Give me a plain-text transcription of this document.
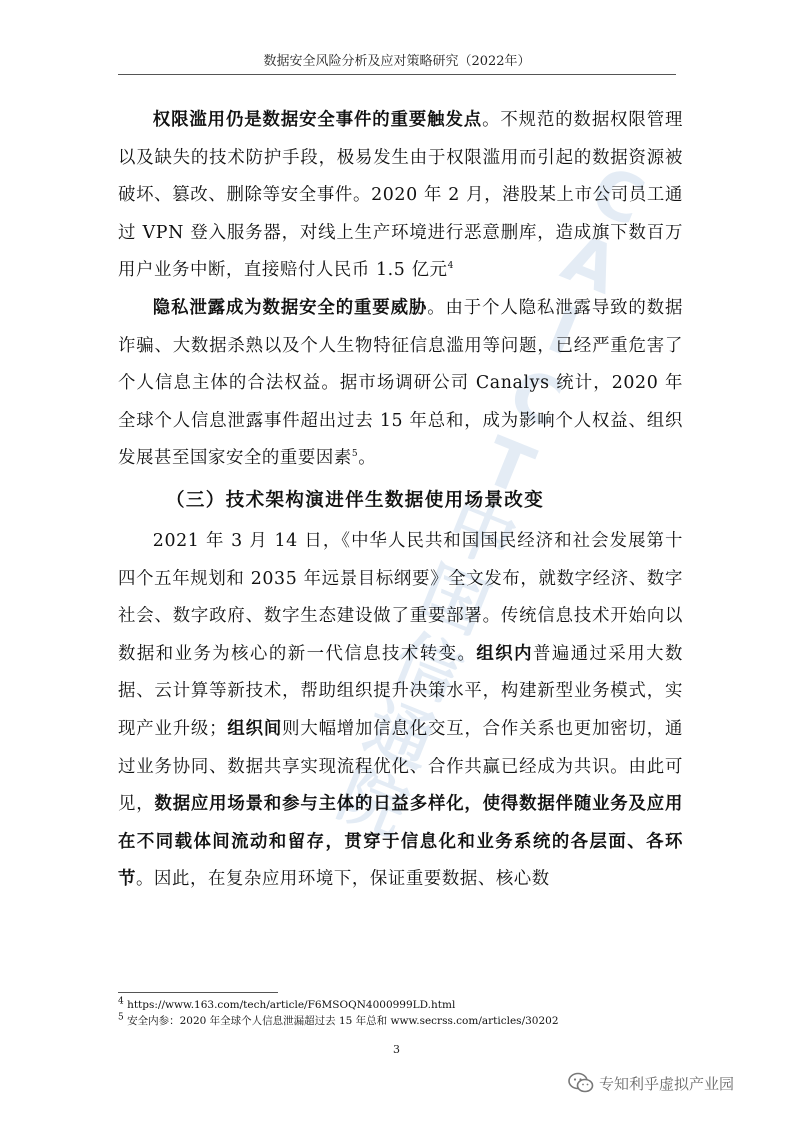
数据安全风险分析及应对策略研究（2022年）
C
A
I
C
T
中
国
信
通
院

权限滥用仍是数据安全事件的重要触发点。不规范的数据权限管理以及缺失的技术防护手段，极易发生由于权限滥用而引起的数据资源被破坏、篡改、删除等安全事件。2020 年 2 月，港股某上市公司员工通过 VPN 登入服务器，对线上生产环境进行恶意删库，造成旗下数百万用户业务中断，直接赔付人民币 1.5 亿元$^4$

隐私泄露成为数据安全的重要威胁。由于个人隐私泄露导致的数据诈骗、大数据杀熟以及个人生物特征信息滥用等问题，已经严重危害了个人信息主体的合法权益。据市场调研公司 Canalys 统计，2020 年全球个人信息泄露事件超出过去 15 年总和，成为影响个人权益、组织发展甚至国家安全的重要因素$^5$。

（三）技术架构演进伴生数据使用场景改变

2021 年 3 月 14 日，《中华人民共和国国民经济和社会发展第十四个五年规划和 2035 年远景目标纲要》全文发布，就数字经济、数字社会、数字政府、数字生态建设做了重要部署。传统信息技术开始向以数据和业务为核心的新一代信息技术转变。组织内普遍通过采用大数据、云计算等新技术，帮助组织提升决策水平，构建新型业务模式，实现产业升级；组织间则大幅增加信息化交互，合作关系也更加密切，通过业务协同、数据共享实现流程优化、合作共赢已经成为共识。由此可见，数据应用场景和参与主体的日益多样化，使得数据伴随业务及应用在不同载体间流动和留存，贯穿于信息化和业务系统的各层面、各环节。因此，在复杂应用环境下，保证重要数据、核心数

$^4$ https://www.163.com/tech/article/F6MSOQN4000999LD.html

$^5$ 安全内参：2020 年全球个人信息泄漏超过去 15 年总和 www.secrss.com/articles/30202

3
专知利乎虚拟产业园
